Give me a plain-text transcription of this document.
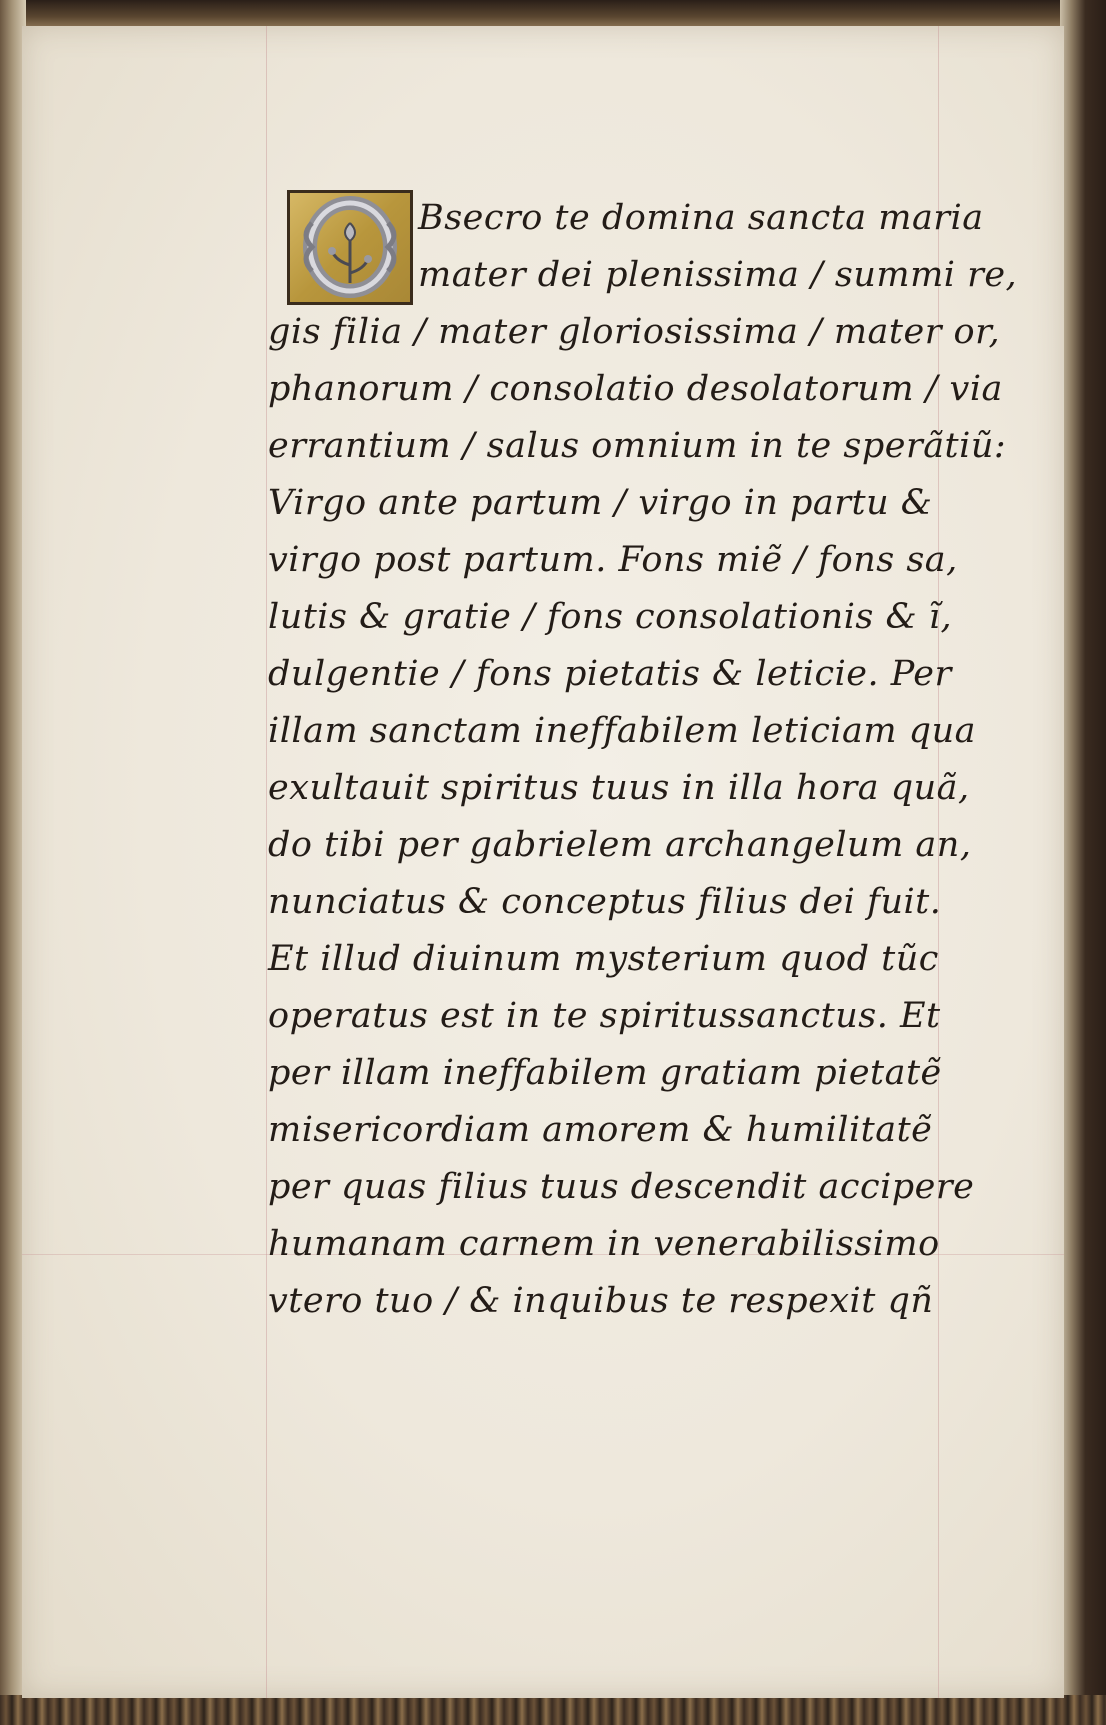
Bsecro te domina sancta maria
mater dei plenissima / summi re,
gis filia / mater gloriosissima / mater or,
phanorum / consolatio desolatorum / via
errantium / salus omnium in te sperãtiũ:
Virgo ante partum / virgo in partu &
virgo post partum. Fons miẽ / fons sa,
lutis & gratie / fons consolationis & ĩ,
dulgentie / fons pietatis & leticie. Per
illam sanctam ineffabilem leticiam qua
exultauit spiritus tuus in illa hora quã,
do tibi per gabrielem archangelum an,
nunciatus & conceptus filius dei fuit.
Et illud diuinum mysterium quod tũc
operatus est in te spiritussanctus. Et
per illam ineffabilem gratiam pietatẽ
misericordiam amorem & humilitatẽ
per quas filius tuus descendit accipere
humanam carnem in venerabilissimo
vtero tuo / & inquibus te respexit qñ
